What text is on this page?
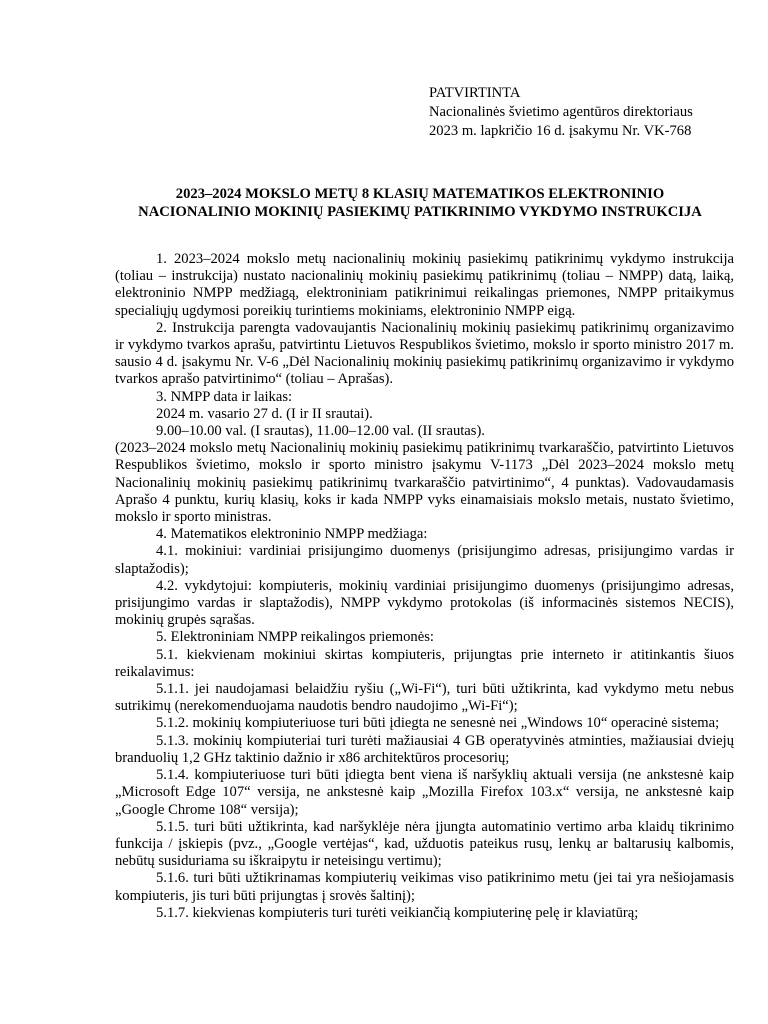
PATVIRTINTA
Nacionalinės švietimo agentūros direktoriaus
2023 m. lapkričio 16 d. įsakymu Nr. VK-768
2023–2024 MOKSLO METŲ 8 KLASIŲ MATEMATIKOS ELEKTRONINIO
NACIONALINIO MOKINIŲ PASIEKIMŲ PATIKRINIMO VYKDYMO INSTRUKCIJA

1. 2023–2024 mokslo metų nacionalinių mokinių pasiekimų patikrinimų vykdymo instrukcija (toliau – instrukcija) nustato nacionalinių mokinių pasiekimų patikrinimų (toliau – NMPP) datą, laiką, elektroninio NMPP medžiagą, elektroniniam patikrinimui reikalingas priemones, NMPP pritaikymus specialiųjų ugdymosi poreikių turintiems mokiniams, elektroninio NMPP eigą.

2. Instrukcija parengta vadovaujantis Nacionalinių mokinių pasiekimų patikrinimų organizavimo ir vykdymo tvarkos aprašu, patvirtintu Lietuvos Respublikos švietimo, mokslo ir sporto ministro 2017 m. sausio 4 d. įsakymu Nr. V-6 „Dėl Nacionalinių mokinių pasiekimų patikrinimų organizavimo ir vykdymo tvarkos aprašo patvirtinimo“ (toliau – Aprašas).

3. NMPP data ir laikas:

2024 m. vasario 27 d. (I ir II srautai).

9.00–10.00 val. (I srautas), 11.00–12.00 val. (II srautas).

(2023–2024 mokslo metų Nacionalinių mokinių pasiekimų patikrinimų tvarkaraščio, patvirtinto Lietuvos Respublikos švietimo, mokslo ir sporto ministro įsakymu V-1173 „Dėl 2023–2024 mokslo metų Nacionalinių mokinių pasiekimų patikrinimų tvarkaraščio patvirtinimo“, 4 punktas). Vadovaudamasis Aprašo 4 punktu, kurių klasių, koks ir kada NMPP vyks einamaisiais mokslo metais, nustato švietimo, mokslo ir sporto ministras.

4. Matematikos elektroninio NMPP medžiaga:

4.1. mokiniui: vardiniai prisijungimo duomenys (prisijungimo adresas, prisijungimo vardas ir slaptažodis);

4.2. vykdytojui: kompiuteris, mokinių vardiniai prisijungimo duomenys (prisijungimo adresas, prisijungimo vardas ir slaptažodis), NMPP vykdymo protokolas (iš informacinės sistemos NECIS), mokinių grupės sąrašas.

5. Elektroniniam NMPP reikalingos priemonės:

5.1. kiekvienam mokiniui skirtas kompiuteris, prijungtas prie interneto ir atitinkantis šiuos reikalavimus:

5.1.1. jei naudojamasi belaidžiu ryšiu („Wi-Fi“), turi būti užtikrinta, kad vykdymo metu nebus sutrikimų (nerekomenduojama naudotis bendro naudojimo „Wi-Fi“);

5.1.2. mokinių kompiuteriuose turi būti įdiegta ne senesnė nei „Windows 10“ operacinė sistema;

5.1.3. mokinių kompiuteriai turi turėti mažiausiai 4 GB operatyvinės atminties, mažiausiai dviejų branduolių 1,2 GHz taktinio dažnio ir x86 architektūros procesorių;

5.1.4. kompiuteriuose turi būti įdiegta bent viena iš naršyklių aktuali versija (ne ankstesnė kaip „Microsoft Edge 107“ versija, ne ankstesnė kaip „Mozilla Firefox 103.x“ versija, ne ankstesnė kaip „Google Chrome 108“ versija);

5.1.5. turi būti užtikrinta, kad naršyklėje nėra įjungta automatinio vertimo arba klaidų tikrinimo funkcija / įskiepis (pvz., „Google vertėjas“, kad, užduotis pateikus rusų, lenkų ar baltarusių kalbomis, nebūtų susiduriama su iškraipytu ir neteisingu vertimu);

5.1.6. turi būti užtikrinamas kompiuterių veikimas viso patikrinimo metu (jei tai yra nešiojamasis kompiuteris, jis turi būti prijungtas į srovės šaltinį);

5.1.7. kiekvienas kompiuteris turi turėti veikiančią kompiuterinę pelę ir klaviatūrą;
